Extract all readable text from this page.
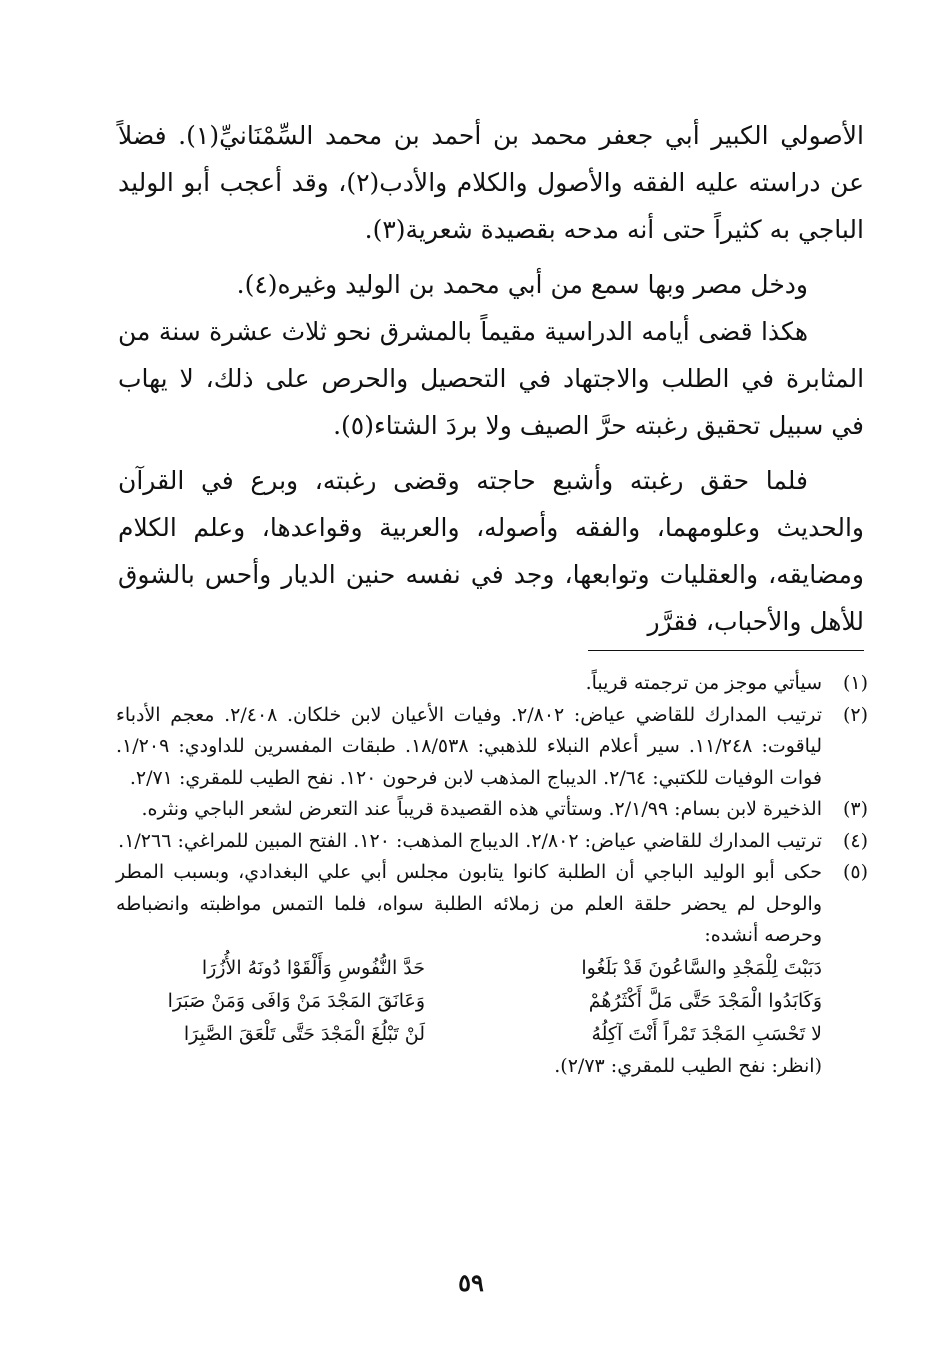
الأصولي الكبير أبي جعفر محمد بن أحمد بن محمد السِّمْنَانيِّ(١). فضلاً عن دراسته عليه الفقه والأصول والكلام والأدب(٢)، وقد أعجب أبو الوليد الباجي به كثيراً حتى أنه مدحه بقصيدة شعرية(٣).

ودخل مصر وبها سمع من أبي محمد بن الوليد وغيره(٤).

هكذا قضى أيامه الدراسية مقيماً بالمشرق نحو ثلاث عشرة سنة من المثابرة في الطلب والاجتهاد في التحصيل والحرص على ذلك، لا يهاب في سبيل تحقيق رغبته حرَّ الصيف ولا بردَ الشتاء(٥).

فلما حقق رغبته وأشبع حاجته وقضى رغبته، وبرع في القرآن والحديث وعلومهما، والفقه وأصوله، والعربية وقواعدها، وعلم الكلام ومضايقه، والعقليات وتوابعها، وجد في نفسه حنين الديار وأحس بالشوق للأهل والأحباب، فقرَّر

(١)
سيأتي موجز من ترجمته قريباً.
(٢)
ترتيب المدارك للقاضي عياض: ٢/٨٠٢. وفيات الأعيان لابن خلكان. ٢/٤٠٨. معجم الأدباء لياقوت: ١١/٢٤٨. سير أعلام النبلاء للذهبي: ١٨/٥٣٨. طبقات المفسرين للداودي: ١/٢٠٩. فوات الوفيات للكتبي: ٢/٦٤. الديباج المذهب لابن فرحون ١٢٠. نفح الطيب للمقري: ٢/٧١.
(٣)
الذخيرة لابن بسام: ٢/١/٩٩. وستأتي هذه القصيدة قريباً عند التعرض لشعر الباجي ونثره.
(٤)
ترتيب المدارك للقاضي عياض: ٢/٨٠٢. الديباج المذهب: ١٢٠. الفتح المبين للمراغي: ١/٢٦٦.
(٥)

حكى أبو الوليد الباجي أن الطلبة كانوا يتابون مجلس أبي علي البغدادي، وبسبب المطر والوحل لم يحضر حلقة العلم من زملائه الطلبة سواه، فلما التمس مواظبته وانضباطه وحرصه أنشده:

دَبَبْتَ لِلْمَجْدِ والسَّاعُونَ قَدْ بَلَغُوا
حَدَّ النُّفُوسِ وَأَلْقَوْا دُونَهُ الأُزُرَا
وَكَابَدُوا الْمَجْدَ حَتَّى مَلَّ أَكْثَرُهُمْ
وَعَانَقَ المَجْدَ مَنْ وَافَى وَمَنْ صَبَرَا
لا تَحْسَبِ المَجْدَ تَمْراً أَنْتَ آكِلُهُ
لَنْ تَبْلُغَ الْمَجْدَ حَتَّى تَلْعَقَ الصَّبِرَا

(انظر: نفح الطيب للمقري: ٢/٧٣).

٥٩
